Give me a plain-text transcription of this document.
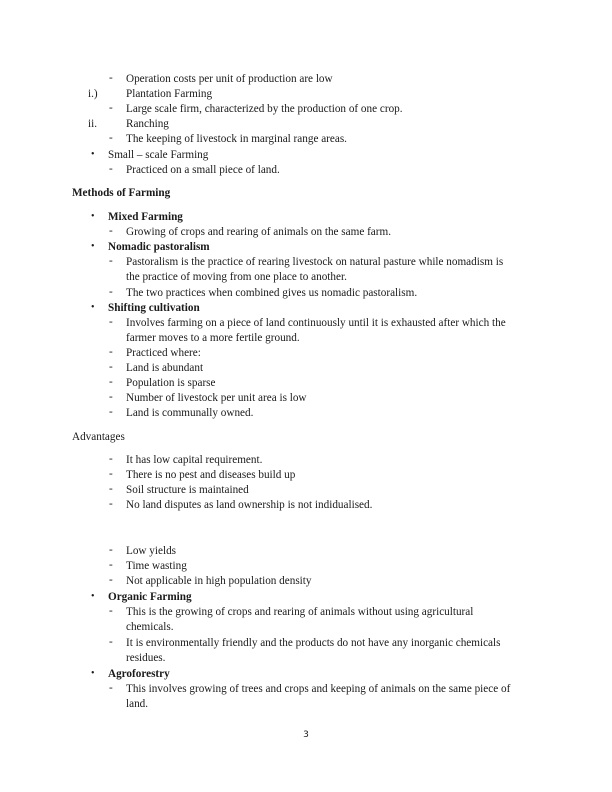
- Operation costs per unit of production are low
i.)	Plantation Farming
- Large scale firm, characterized by the production of one crop.
ii.	Ranching
- The keeping of livestock in marginal range areas.
• Small – scale Farming
- Practiced on a small piece of land.
Methods of Farming
• Mixed Farming
- Growing of crops and rearing of animals on the same farm.
• Nomadic pastoralism
- Pastoralism is the practice of rearing livestock on natural pasture while nomadism is
the practice of moving from one place to another.
- The two practices when combined gives us nomadic pastoralism.
• Shifting cultivation
- Involves farming on a piece of land continuously until it is exhausted after which the
farmer moves to a more fertile ground.
- Practiced where:
- Land is abundant
- Population is sparse
- Number of livestock per unit area is low
- Land is communally owned.
Advantages
- It has low capital requirement.
- There is no pest and diseases build up
- Soil structure is maintained
- No land disputes as land ownership is not indidualised.
- Low yields
- Time wasting
- Not applicable in high population density
• Organic Farming
- This is the growing of crops and rearing of animals without using agricultural
chemicals.
- It is environmentally friendly and the products do not have any inorganic chemicals
residues.
• Agroforestry
- This involves growing of trees and crops and keeping of animals on the same piece of
land.
3
